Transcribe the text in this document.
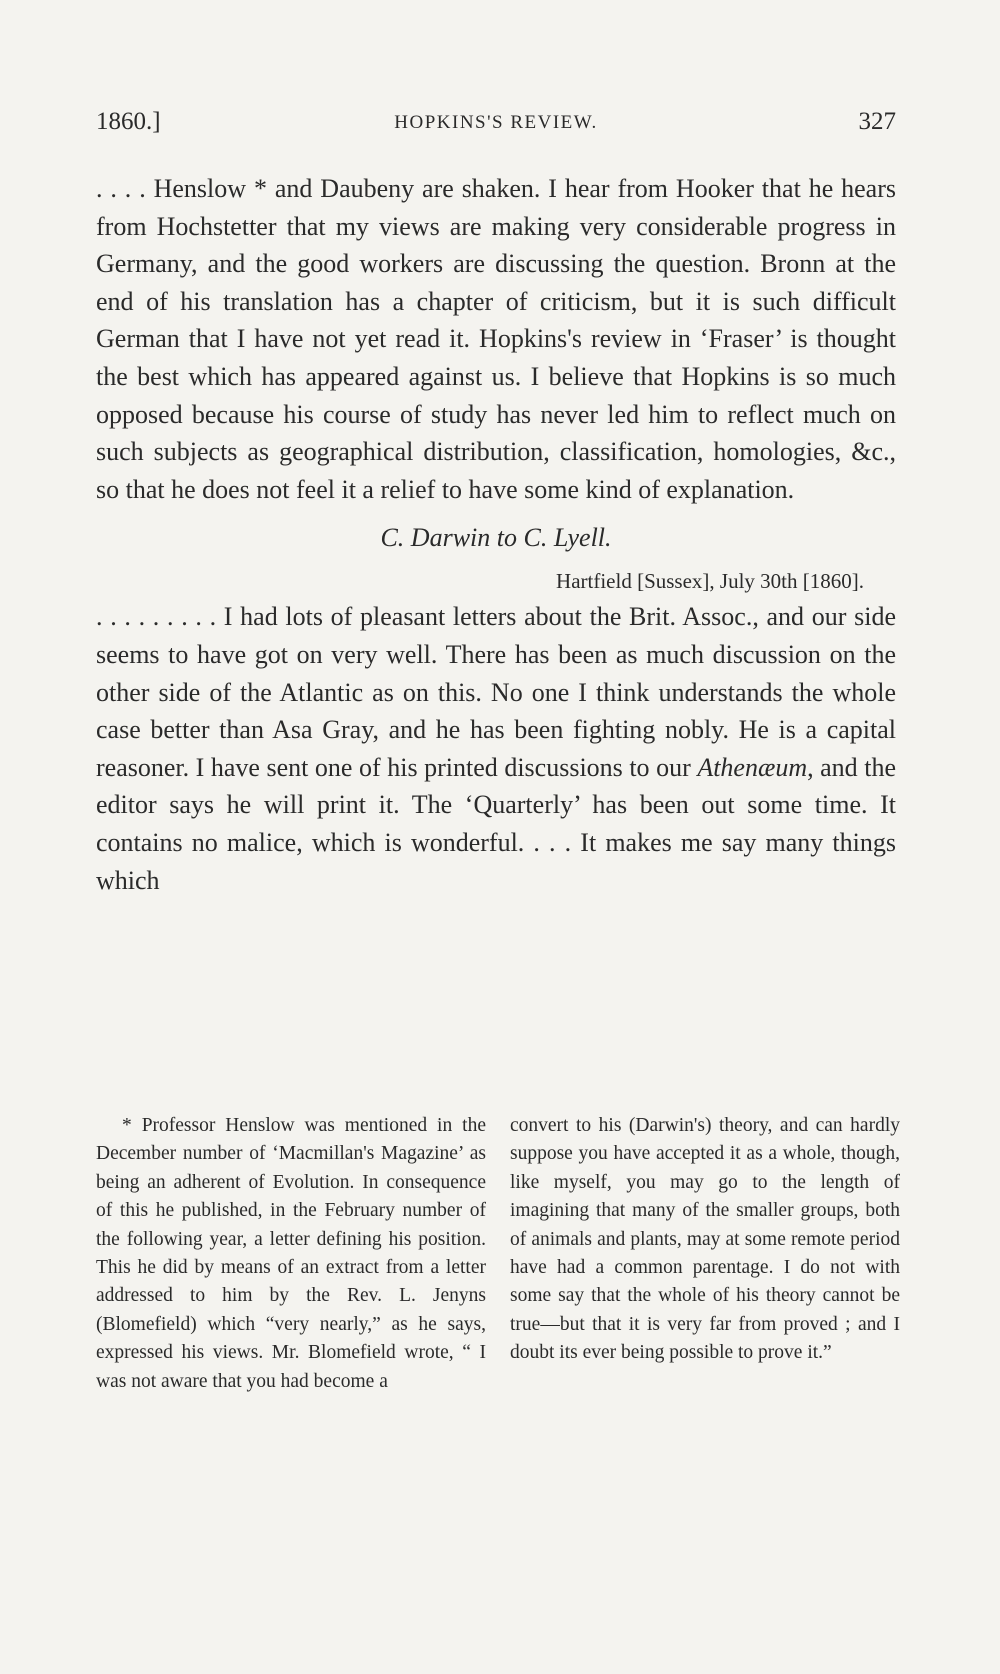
1860.]	HOPKINS'S REVIEW.	327

. . . . Henslow * and Daubeny are shaken. I hear from Hooker that he hears from Hochstetter that my views are making very considerable progress in Germany, and the good workers are discussing the question. Bronn at the end of his translation has a chapter of criticism, but it is such difficult German that I have not yet read it. Hopkins's review in ‘Fraser’ is thought the best which has appeared against us. I believe that Hopkins is so much opposed because his course of study has never led him to reflect much on such subjects as geographical distribution, classification, homologies, &c., so that he does not feel it a relief to have some kind of explanation.

C. Darwin to C. Lyell.
Hartfield [Sussex], July 30th [1860].

. . . . . . . . . I had lots of pleasant letters about the Brit. Assoc., and our side seems to have got on very well. There has been as much discussion on the other side of the Atlantic as on this. No one I think understands the whole case better than Asa Gray, and he has been fighting nobly. He is a capital reasoner. I have sent one of his printed discussions to our Athenæum, and the editor says he will print it. The ‘Quarterly’ has been out some time. It contains no malice, which is wonderful. . . . It makes me say many things which

* Professor Henslow was mentioned in the December number of ‘Macmillan's Magazine’ as being an adherent of Evolution. In consequence of this he published, in the February number of the following year, a letter defining his position. This he did by means of an extract from a letter addressed to him by the Rev. L. Jenyns (Blomefield) which “very nearly,” as he says, expressed his views. Mr. Blomefield wrote, “ I was not aware that you had become a

convert to his (Darwin's) theory, and can hardly suppose you have accepted it as a whole, though, like myself, you may go to the length of imagining that many of the smaller groups, both of animals and plants, may at some remote period have had a common parentage. I do not with some say that the whole of his theory cannot be true—but that it is very far from proved ; and I doubt its ever being possible to prove it.”
